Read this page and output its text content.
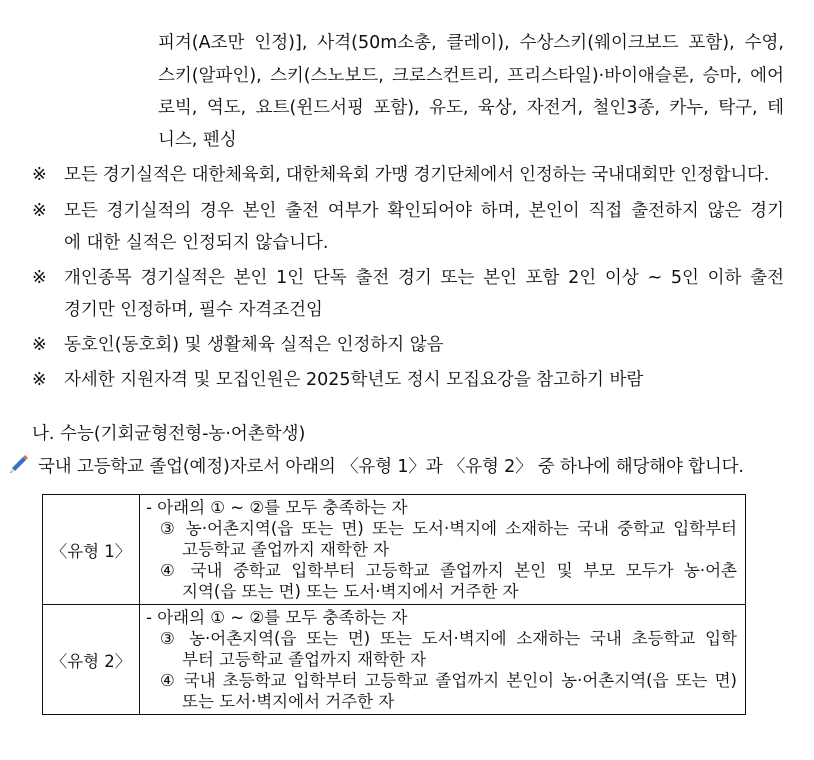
피겨(A조만 인정)], 사격(50m소총, 클레이), 수상스키(웨이크보드 포함), 수영,
스키(알파인), 스키(스노보드, 크로스컨트리, 프리스타일)·바이애슬론, 승마, 에어
로빅, 역도, 요트(윈드서핑 포함), 유도, 육상, 자전거, 철인3종, 카누, 탁구, 테
니스, 펜싱
※ 모든 경기실적은 대한체육회, 대한체육회 가맹 경기단체에서 인정하는 국내대회만 인정합니다.
※ 모든 경기실적의 경우 본인 출전 여부가 확인되어야 하며, 본인이 직접 출전하지 않은 경기
에 대한 실적은 인정되지 않습니다.
※ 개인종목 경기실적은 본인 1인 단독 출전 경기 또는 본인 포함 2인 이상 ~ 5인 이하 출전
경기만 인정하며, 필수 자격조건임
※ 동호인(동호회) 및 생활체육 실적은 인정하지 않음
※ 자세한 지원자격 및 모집인원은 2025학년도 정시 모집요강을 참고하기 바람
나. 수능(기회균형전형-농·어촌학생)
국내 고등학교 졸업(예정)자로서 아래의 〈유형 1〉과 〈유형 2〉 중 하나에 해당해야 합니다.
〈유형 1〉	- 아래의 ① ~ ②를 모두 충족하는 자
③ 농·어촌지역(읍 또는 면) 또는 도서·벽지에 소재하는 국내 중학교 입학부터
고등학교 졸업까지 재학한 자
④ 국내 중학교 입학부터 고등학교 졸업까지 본인 및 부모 모두가 농·어촌
지역(읍 또는 면) 또는 도서·벽지에서 거주한 자

〈유형 2〉	- 아래의 ① ~ ②를 모두 충족하는 자
③ 농·어촌지역(읍 또는 면) 또는 도서·벽지에 소재하는 국내 초등학교 입학
부터 고등학교 졸업까지 재학한 자
④ 국내 초등학교 입학부터 고등학교 졸업까지 본인이 농·어촌지역(읍 또는 면)
또는 도서·벽지에서 거주한 자
